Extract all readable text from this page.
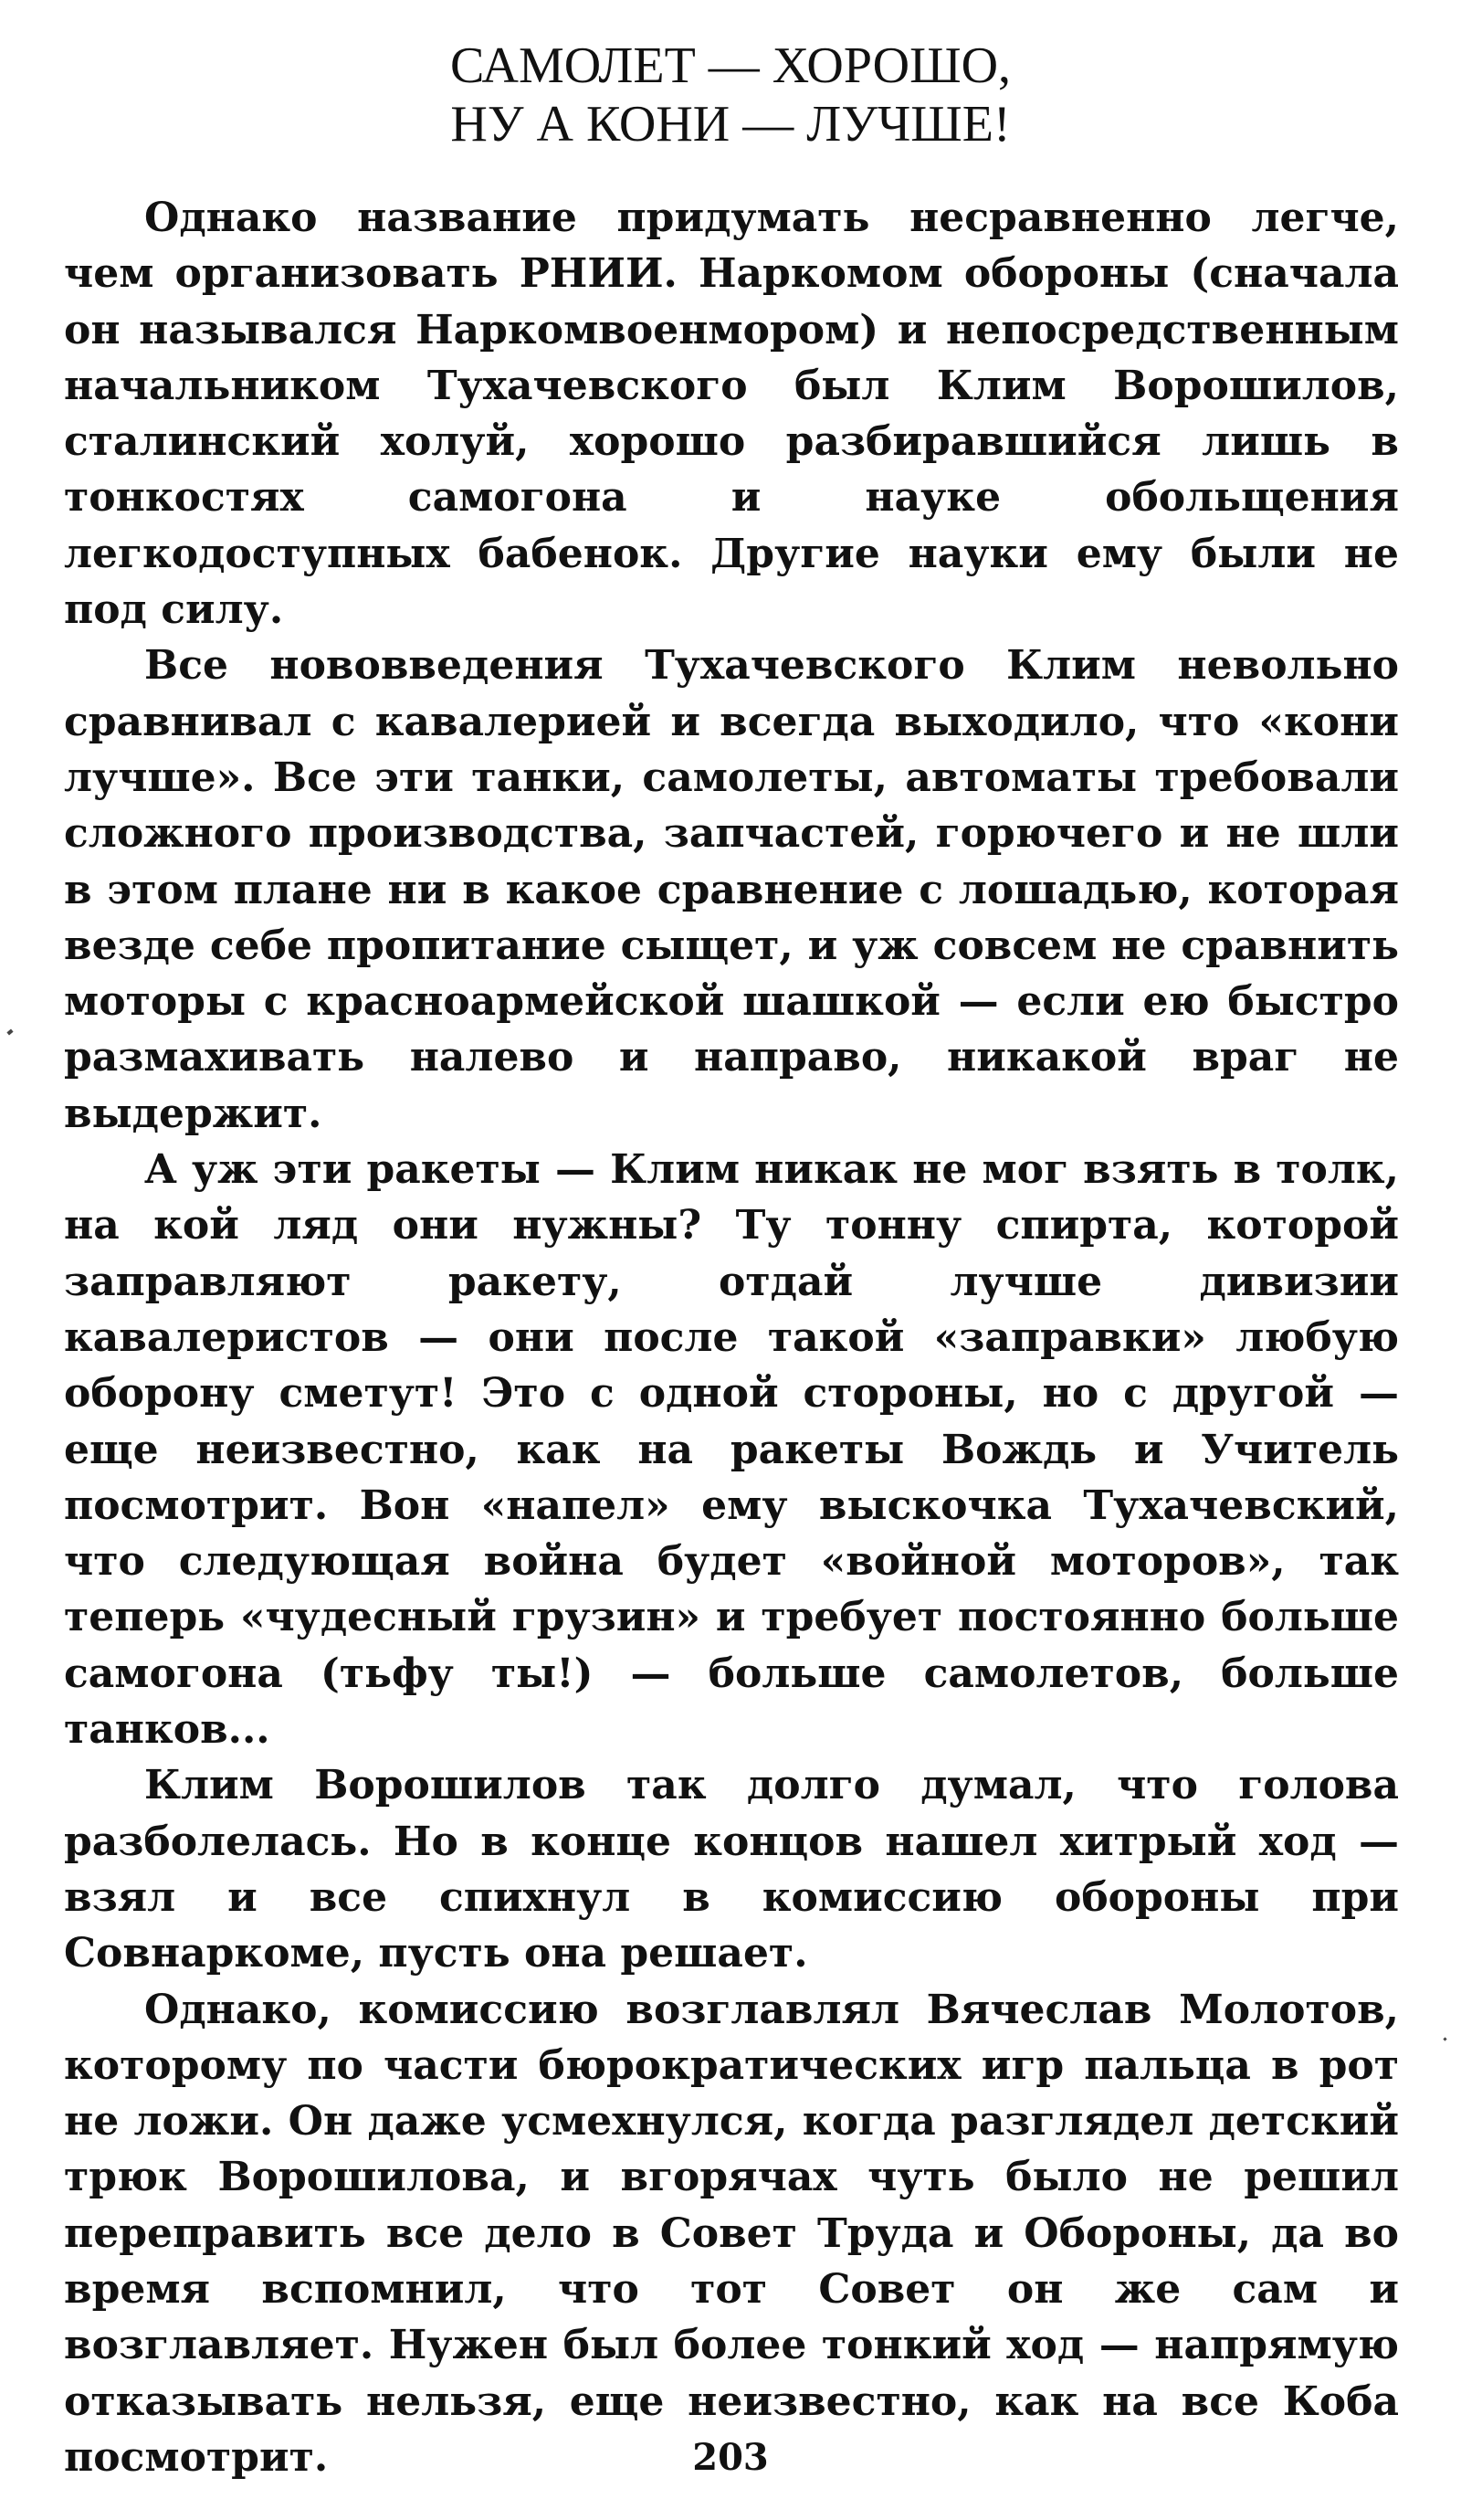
САМОЛЕТ — ХОРОШО,
НУ А КОНИ — ЛУЧШЕ!

Однако название придумать несравненно легче, чем организовать РНИИ. Наркомом обороны (сначала он назывался Наркомвоенмором) и непосредственным начальником Тухачевского был Клим Ворошилов, сталинский холуй, хорошо разбиравшийся лишь в тонкостях самогона и науке обольщения легкодоступных бабенок. Другие науки ему были не под силу.

Все нововведения Тухачевского Клим невольно сравнивал с кавалерией и всегда выходило, что «кони лучше». Все эти танки, самолеты, автоматы требовали сложного производства, запчастей, горючего и не шли в этом плане ни в какое сравнение с лошадью, которая везде себе пропитание сыщет, и уж совсем не сравнить моторы с красноармейской шашкой — если ею быстро размахивать налево и направо, никакой враг не выдержит.

А уж эти ракеты — Клим никак не мог взять в толк, на кой ляд они нужны? Ту тонну спирта, которой заправляют ракету, отдай лучше дивизии кавалеристов — они после такой «заправки» любую оборону сметут! Это с одной стороны, но с другой — еще неизвестно, как на ракеты Вождь и Учитель посмотрит. Вон «напел» ему выскочка Тухачевский, что следующая война будет «войной моторов», так теперь «чудесный грузин» и требует постоянно больше самогона (тьфу ты!) — больше самолетов, больше танков...

Клим Ворошилов так долго думал, что голова разболелась. Но в конце концов нашел хитрый ход — взял и все спихнул в комиссию обороны при Совнаркоме, пусть она решает.

Однако, комиссию возглавлял Вячеслав Молотов, которому по части бюрократических игр пальца в рот не ложи. Он даже усмехнулся, когда разглядел детский трюк Ворошилова, и вгорячах чуть было не решил переправить все дело в Совет Труда и Обороны, да во время вспомнил, что тот Совет он же сам и возглавляет. Нужен был более тонкий ход — напрямую отказывать нельзя, еще неизвестно, как на все Коба посмотрит.	203
